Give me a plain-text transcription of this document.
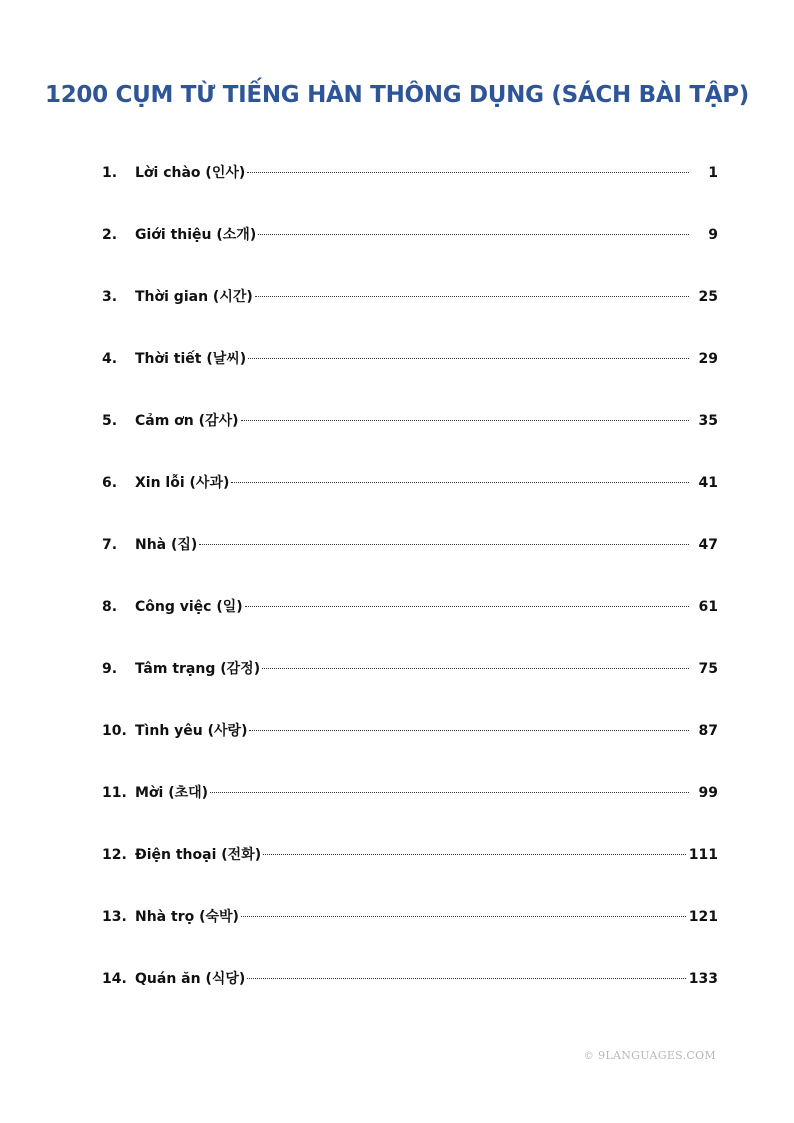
1200 CỤM TỪ TIẾNG HÀN THÔNG DỤNG (SÁCH BÀI TẬP)
1.	Lời chào (인사)	1
2.	Giới thiệu (소개)	9
3.	Thời gian (시간)	25
4.	Thời tiết (날씨)	29
5.	Cảm ơn (감사)	35
6.	Xin lỗi (사과)	41
7.	Nhà (집)	47
8.	Công việc (일)	61
9.	Tâm trạng (감정)	75
10. Tình yêu (사랑)	87
11. Mời (초대)	99
12. Điện thoại (전화)	111
13. Nhà trọ (숙박)	121
14. Quán ăn (식당)	133
© 9LANGUAGES.COM
